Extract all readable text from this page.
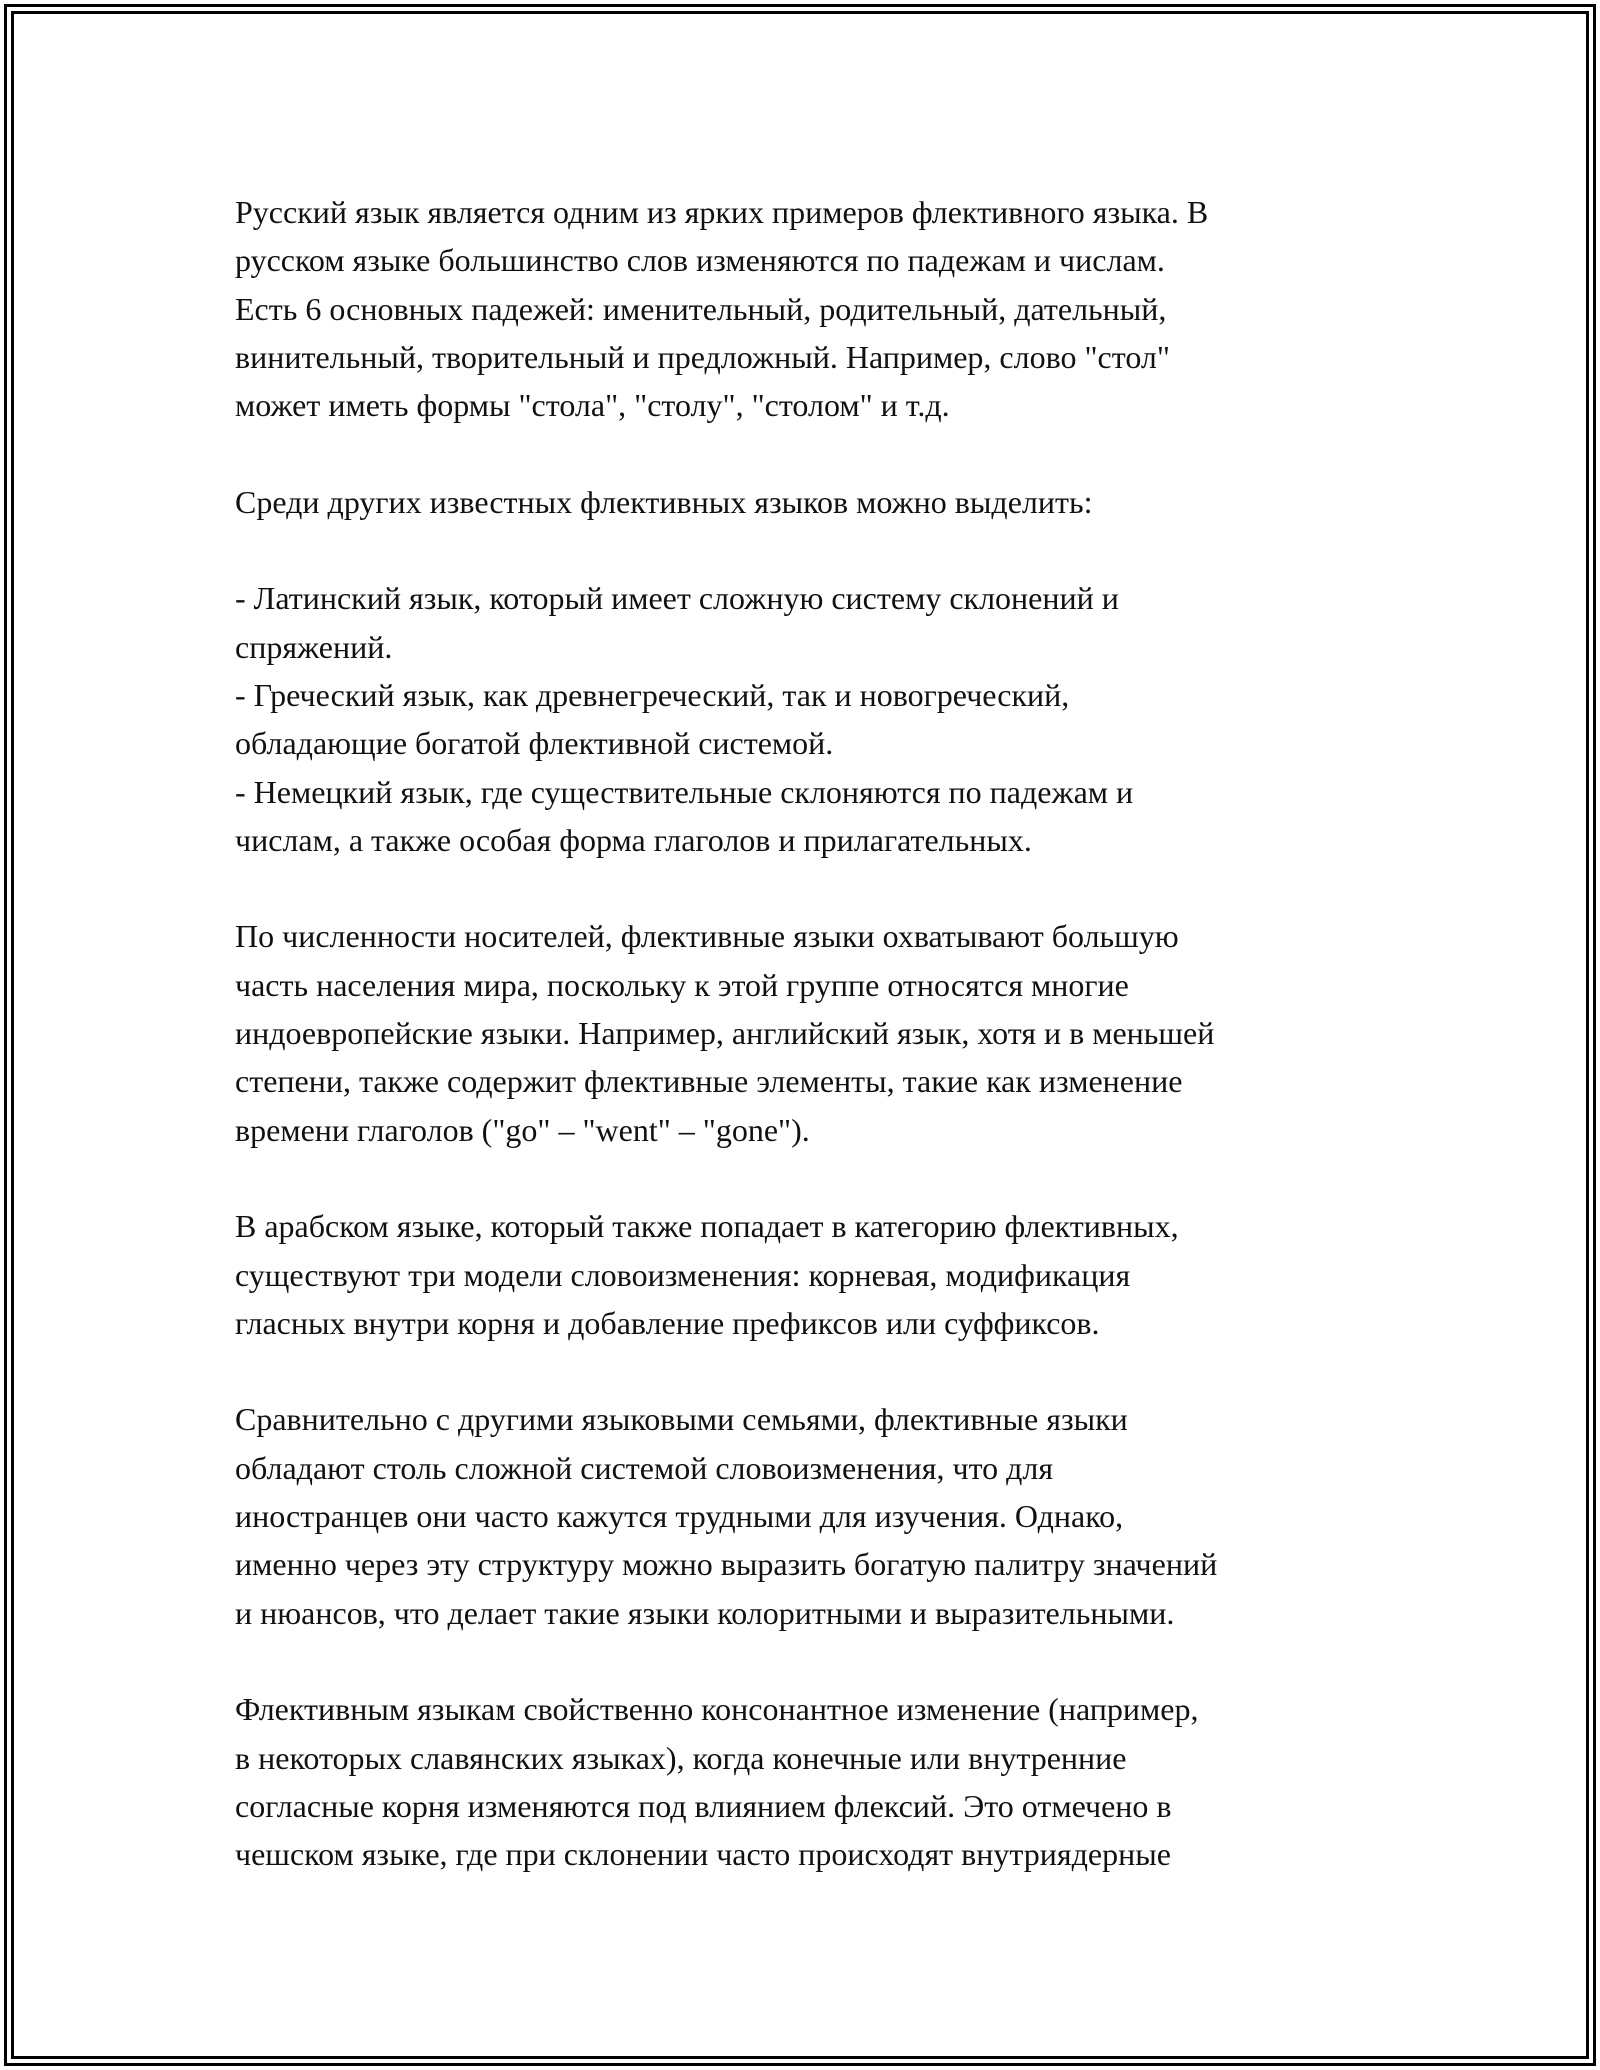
Русский язык является одним из ярких примеров флективного языка. В
русском языке большинство слов изменяются по падежам и числам.
Есть 6 основных падежей: именительный, родительный, дательный,
винительный, творительный и предложный. Например, слово "стол"
может иметь формы "стола", "столу", "столом" и т.д.

Среди других известных флективных языков можно выделить:

- Латинский язык, который имеет сложную систему склонений и
спряжений.
- Греческий язык, как древнегреческий, так и новогреческий,
обладающие богатой флективной системой.
- Немецкий язык, где существительные склоняются по падежам и
числам, а также особая форма глаголов и прилагательных.

По численности носителей, флективные языки охватывают большую
часть населения мира, поскольку к этой группе относятся многие
индоевропейские языки. Например, английский язык, хотя и в меньшей
степени, также содержит флективные элементы, такие как изменение
времени глаголов ("go" – "went" – "gone").

В арабском языке, который также попадает в категорию флективных,
существуют три модели словоизменения: корневая, модификация
гласных внутри корня и добавление префиксов или суффиксов.

Сравнительно с другими языковыми семьями, флективные языки
обладают столь сложной системой словоизменения, что для
иностранцев они часто кажутся трудными для изучения. Однако,
именно через эту структуру можно выразить богатую палитру значений
и нюансов, что делает такие языки колоритными и выразительными.

Флективным языкам свойственно консонантное изменение (например,
в некоторых славянских языках), когда конечные или внутренние
согласные корня изменяются под влиянием флексий. Это отмечено в
чешском языке, где при склонении часто происходят внутриядерные
